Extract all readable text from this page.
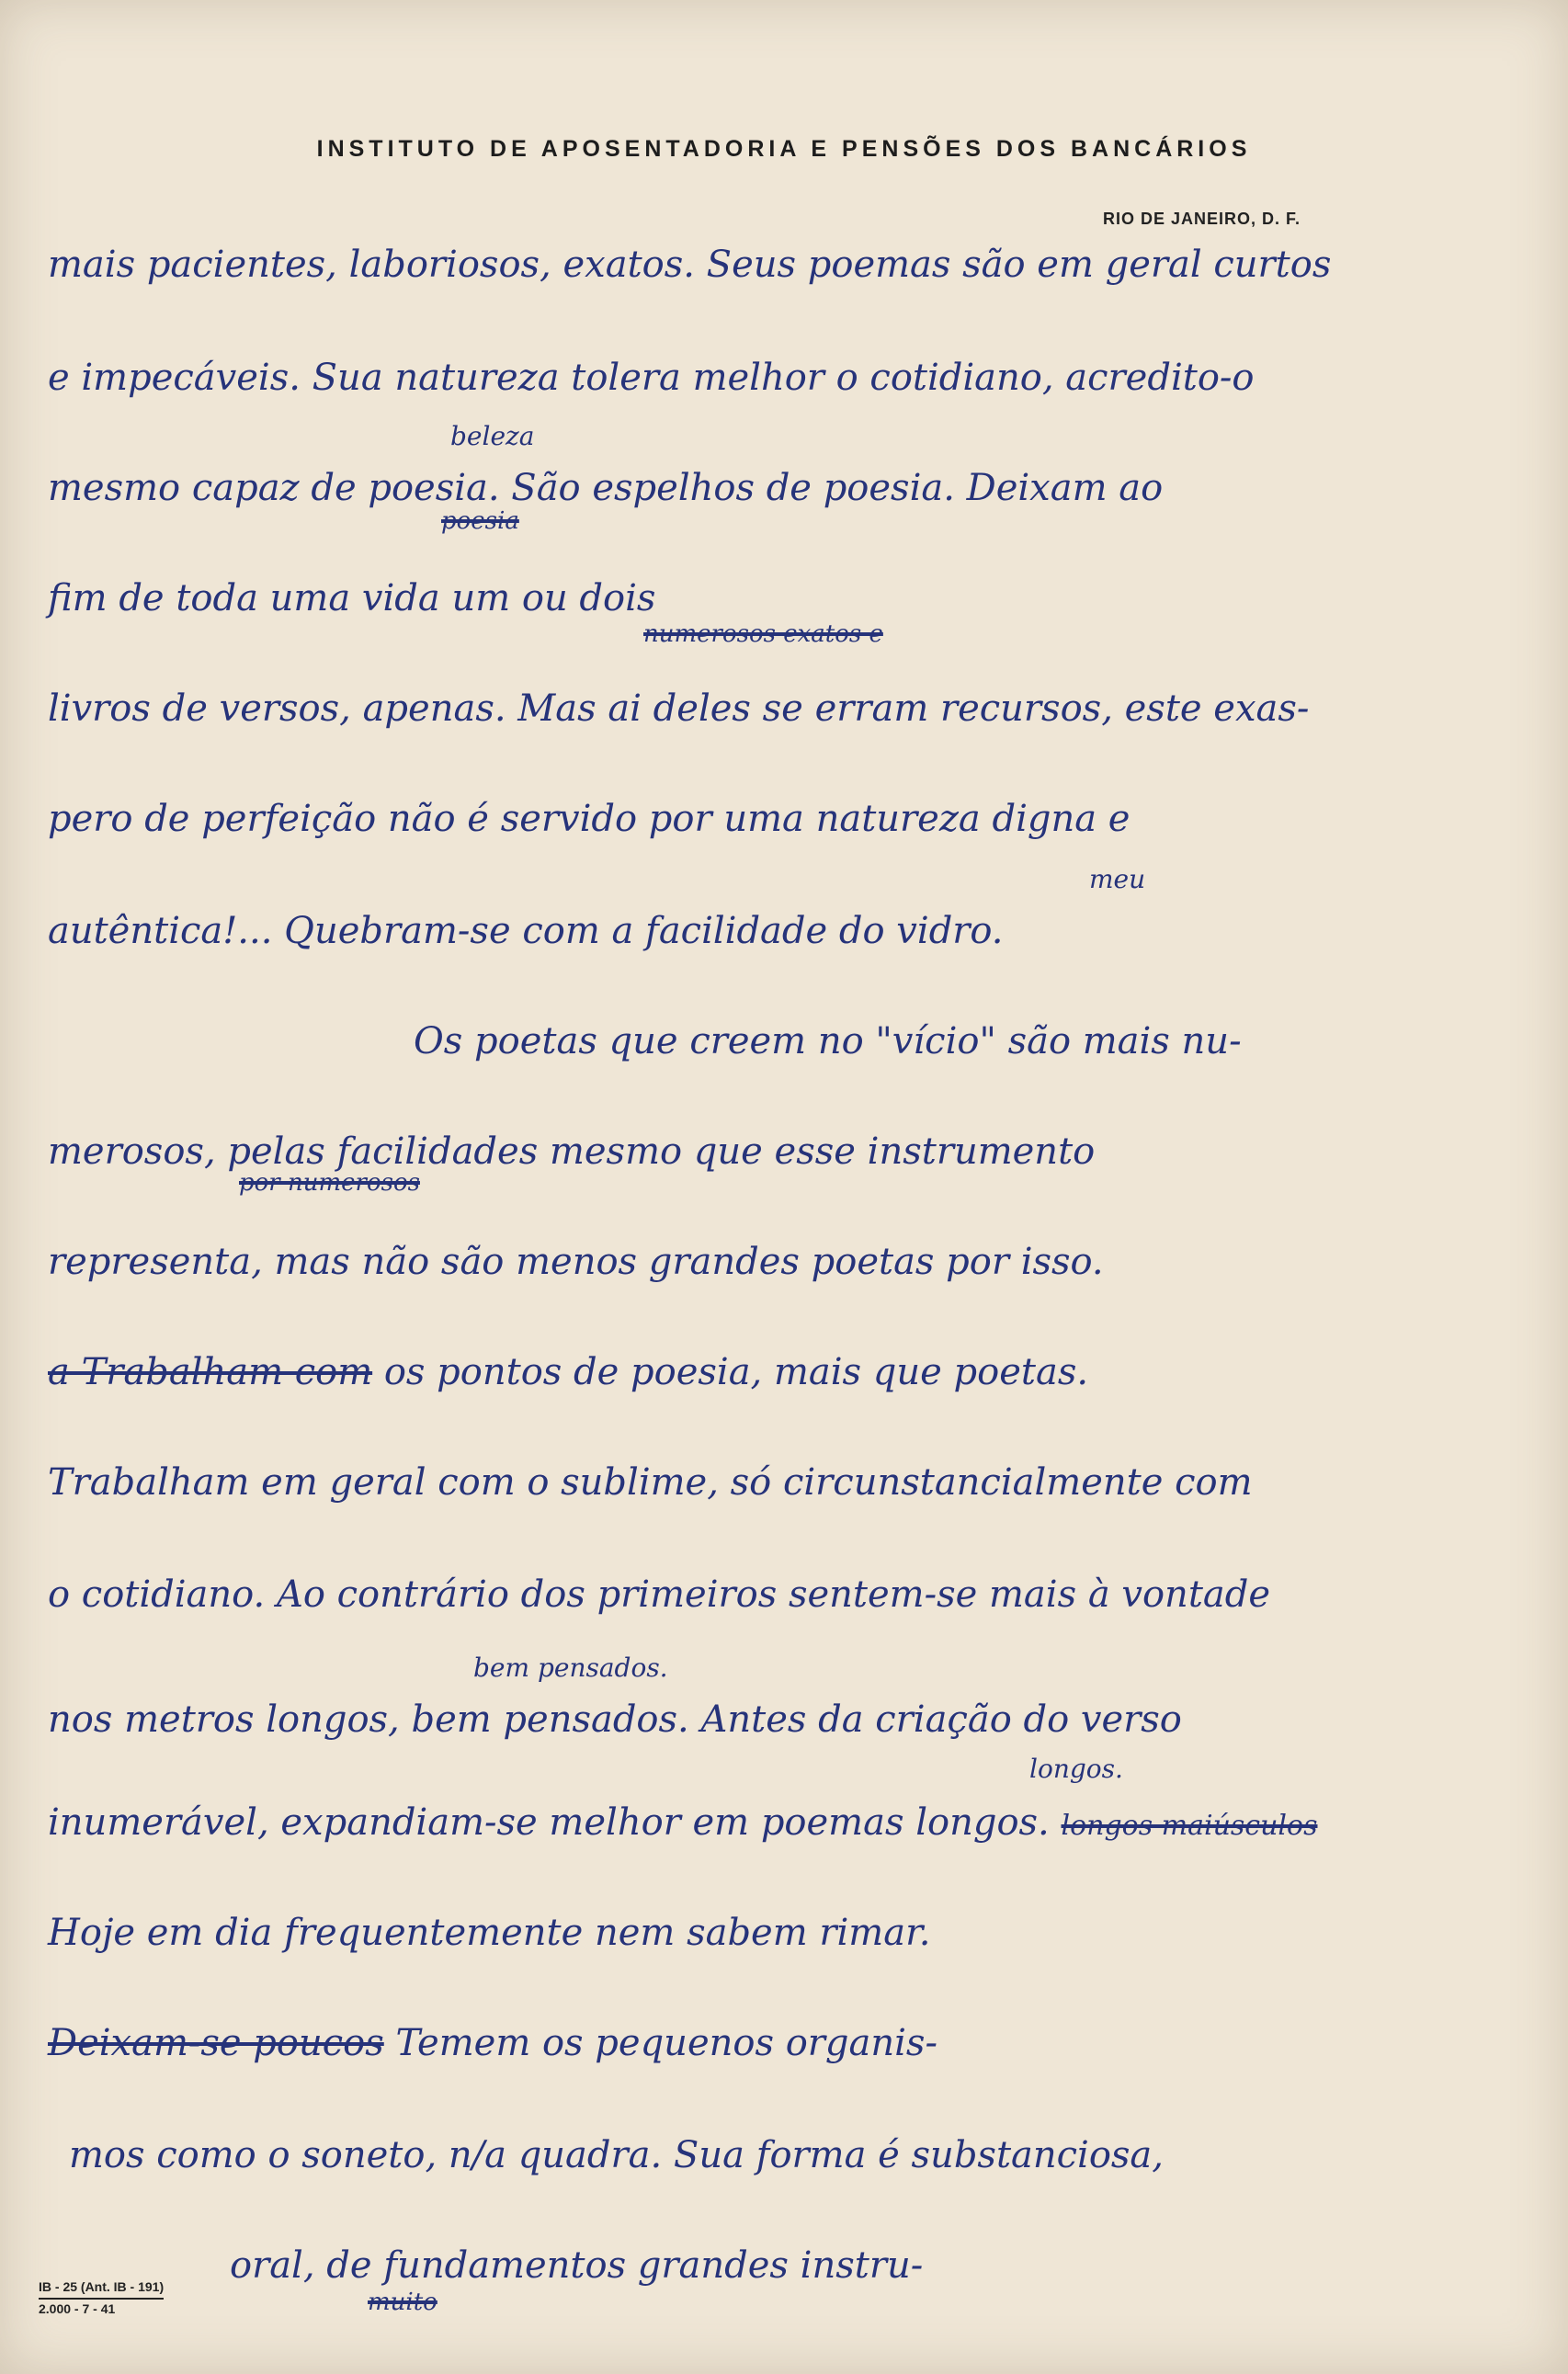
INSTITUTO DE APOSENTADORIA E PENSÕES DOS BANCÁRIOS
RIO DE JANEIRO, D. F.
mais pacientes, laboriosos, exatos. Seus poemas são em geral curtos
e impecáveis. Sua natureza tolera melhor o cotidiano, acredito-o
beleza
mesmo capaz de poesia. São espelhos de poesia. Deixam ao
poesia
fim de toda uma vida um ou dois
numerosos exatos e
livros de versos, apenas. Mas ai deles se erram recursos, este exas-
pero de perfeição não é servido por uma natureza digna e
meu
autêntica!... Quebram-se com a facilidade do vidro.
Os poetas que creem no "vício" são mais nu-
merosos, pelas facilidades mesmo que esse instrumento
por numerosos
representa, mas não são menos grandes poetas por isso.
a Trabalham com os pontos de poesia, mais que poetas.
Trabalham em geral com o sublime, só circunstancialmente com
o cotidiano. Ao contrário dos primeiros sentem-se mais à vontade
bem pensados.
nos metros longos, bem pensados. Antes da criação do verso
longos.
inumerável, expandiam-se melhor em poemas longos. longos maiúsculos
Hoje em dia frequentemente nem sabem rimar.
Deixam-se poucos Temem os pequenos organis-
mos como o soneto, n/a quadra. Sua forma é substanciosa,
oral, de fundamentos grandes instru-
muito
IB - 25 (Ant. IB - 191)
2.000 - 7 - 41
